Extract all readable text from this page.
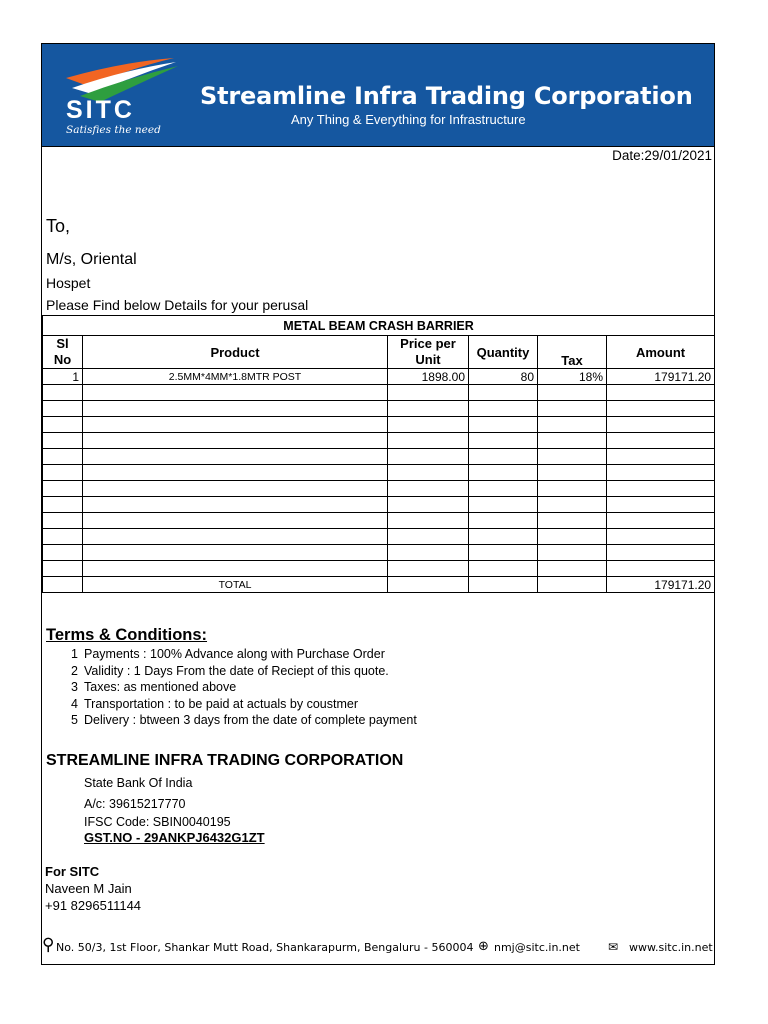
SITC
Satisfies the need
Streamline Infra Trading Corporation
Any Thing & Everything for Infrastructure
Date:29/01/2021
To,
M/s, Oriental
Hospet
Please Find below Details for your perusal
METAL BEAM CRASH BARRIER					
Sl No	Product	Price per Unit	Quantity	Tax	Amount
1	2.5MM*4MM*1.8MTR POST	1898.00	80	18%	179171.20

	TOTAL				179171.20
Terms & Conditions:
1 Payments : 100% Advance along with Purchase Order
2 Validity : 1 Days From the date of Reciept of this quote.
3 Taxes: as mentioned above
4 Transportation : to be paid at actuals by coustmer
5 Delivery : btween 3 days from the date of complete payment
STREAMLINE INFRA TRADING CORPORATION
State Bank Of India
A/c: 39615217770
IFSC Code: SBIN0040195
GST.NO - 29ANKPJ6432G1ZT
For SITC
Naveen M Jain
+91 8296511144
⚲ No. 50/3, 1st Floor, Shankar Mutt Road, Shankarapurm, Bengaluru - 560004 ⊕ nmj@sitc.in.net ✉ www.sitc.in.net
